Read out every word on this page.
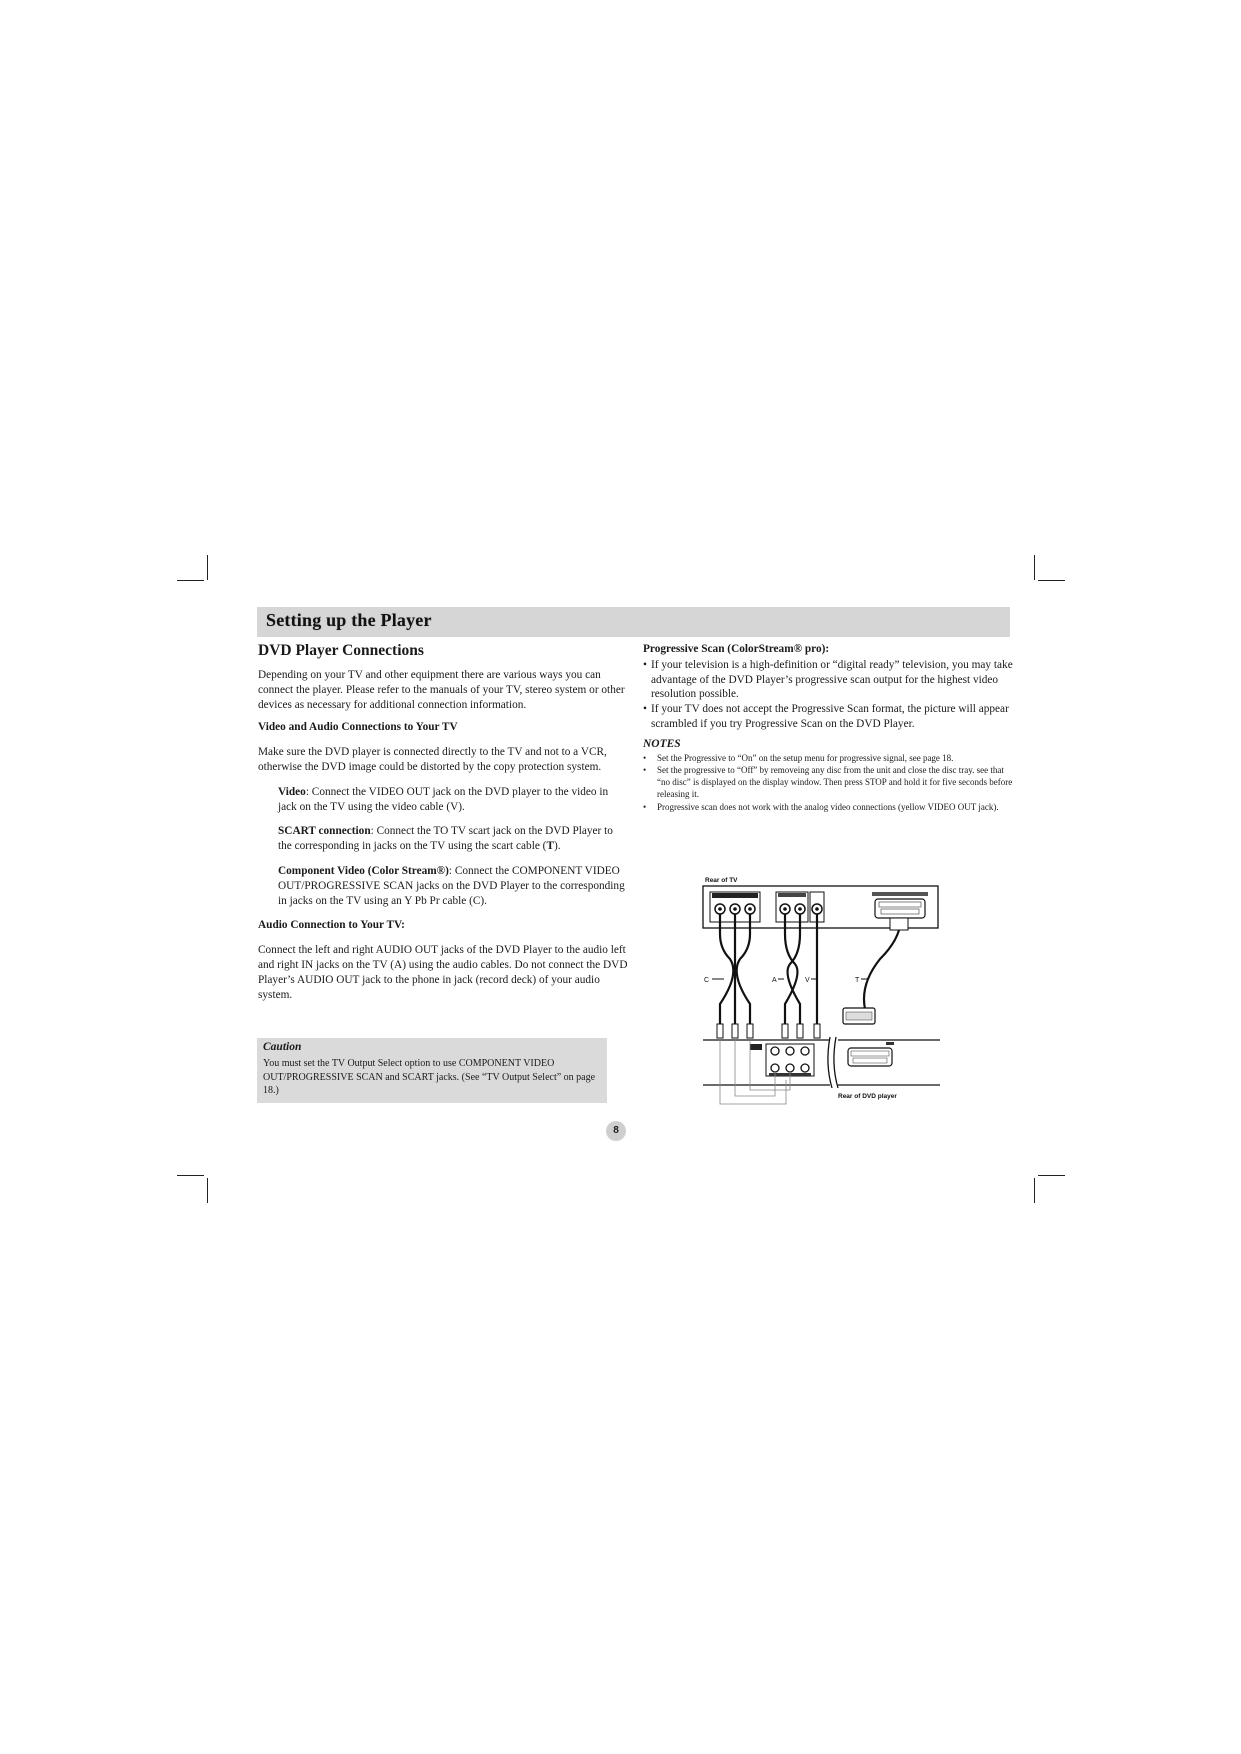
Setting up the Player
DVD Player Connections

Depending on your TV and other equipment there are various ways you can connect the player. Please refer to the manuals of your TV, stereo system or other devices as necessary for additional connection information.

Video and Audio Connections to Your TV

Make sure the DVD player is connected directly to the TV and not to a VCR, otherwise the DVD image could be distorted by the copy protection system.

Video: Connect the VIDEO OUT jack on the DVD player to the video in jack on the TV using the video cable (V).

SCART connection: Connect the TO TV scart jack on the DVD Player to the corresponding in jacks on the TV using the scart cable (T).

Component Video (Color Stream®): Connect the COMPONENT VIDEO OUT/PROGRESSIVE SCAN jacks on the DVD Player to the corresponding in jacks on the TV using an Y Pb Pr cable (C).

Audio Connection to Your TV:

Connect the left and right AUDIO OUT jacks of the DVD Player to the audio left and right IN jacks on the TV (A) using the audio cables. Do not connect the DVD Player’s AUDIO OUT jack to the phone in jack (record deck) of your audio system.

Caution
You must set the TV Output Select option to use COMPONENT VIDEO OUT/PROGRESSIVE SCAN and SCART jacks. (See “TV Output Select” on page 18.)

Progressive Scan (ColorStream® pro):

• If your television is a high-definition or “digital ready” television, you may take advantage of the DVD Player’s progressive scan output for the highest video resolution possible.
• If your TV does not accept the Progressive Scan format, the picture will appear scrambled if you try Progressive Scan on the DVD Player.
NOTES
• Set the Progressive to “On” on the setup menu for progressive signal, see page 18.
• Set the progressive to “Off” by removeing any disc from the unit and close the disc tray. see that “no disc” is displayed on the display window. Then press STOP and hold it for five seconds before releasing it.
• Progressive scan does not work with the analog video connections (yellow VIDEO OUT jack).
Rear of TV
C	A	V	T
Rear of DVD player
8
